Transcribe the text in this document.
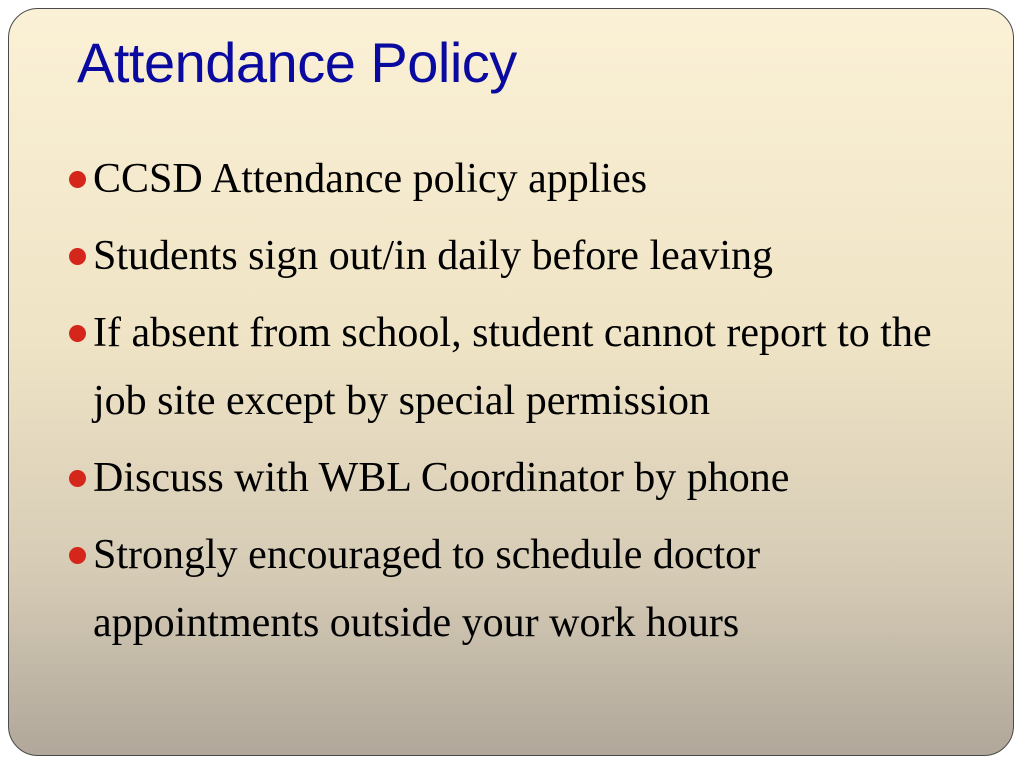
Attendance Policy
CCSD Attendance policy applies
Students sign out/in daily before leaving
If absent from school, student cannot report to the job site except by special permission
Discuss with WBL Coordinator by phone
Strongly encouraged to schedule doctor appointments outside your work hours
